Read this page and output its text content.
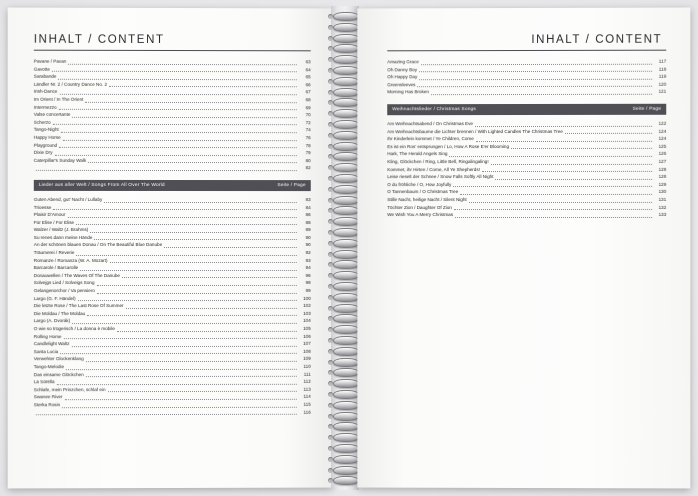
INHALT / CONTENT
Pavane / Pavan	63
Gavotte	64
Sarabande	65
Ländler Nr. 2 / Country Dance No. 2	66
Irish-Dance	67
Im Orient / In The Orient	68
Intermezzo	69
Valse concertante	70
Scherzo	72
Tango-Night	74
Happy Horse	76
Playground	78
Dixie Dry	79
Caterpillar's Sunday Walk	80
82
Lieder aus aller Welt / Songs From All Over The World	Seite / Page
Guten Abend, gut' Nacht / Lullaby	83
Trioesse	84
Plaisir D'Amour	86
Für Elise / For Elise	88
Walzer / Waltz (J. Brahms)	89
Su renes dann meine Hände	90
An der schönen blauen Donau / On The Beautiful Blue Danube	90
Träumerei / Reverie	92
Romanze / Romanza (W. A. Mozart)	93
Barcarole / Barcarolle	94
Donauwellen / The Waves Of The Danube	96
Solvejgs Lied / Solveigs Song	98
Gelangenorchor / Va pensiero	99
Largo (G. F. Händel)	100
Die letzte Rose / The Last Rose Of Summer	102
Die Moldau / The Moldau	103
Largo (A. Dvorák)	104
O wie so trügerisch / La donna è mobile	105
Rolling Home	106
Candlelight Waltz	107
Santa Lucia	108
Verwehter Glockenklang	109
Tango-Melodie	110
Das einsame Glöckchen	111
La Sorella	112
Schlafe, mein Prinzchen, schlaf ein	113
Swanee River	114
Sterka Rosin	115
116
INHALT / CONTENT
Amazing Grace	117
Oh Danny Boy	118
Oh Happy Day	119
Greensleeves	120
Morning Has Broken	121
Weihnachtslieder / Christmas Songs	Seite / Page
Am Weihnachtsabend / On Christmas Eve	122
Am Weihnachtsbaume die Lichter brennen / With Lighted Candles The Christmas Tree	124
Ihr Kinderlein kommet / Ye Children, Come	124
Es ist ein Ros' entsprungen / Lo, How A Rose E'er Blooming	125
Hark, The Herald Angels Sing	126
Kling, Glöckchen / Ring, Little Bell, Ringalingaling!	127
Kommet, ihr Hirten / Come, All Ye Shepherds!	128
Leise rieselt der Schnee / Snow Falls Softly All Night	128
O du fröhliche / O, How Joyfully	129
O Tannenbaum / O Christmas Tree	130
Stille Nacht, heilige Nacht / Silent Night	131
Töchter Zion / Daughter Of Zion	132
We Wish You A Merry Christmas	133
